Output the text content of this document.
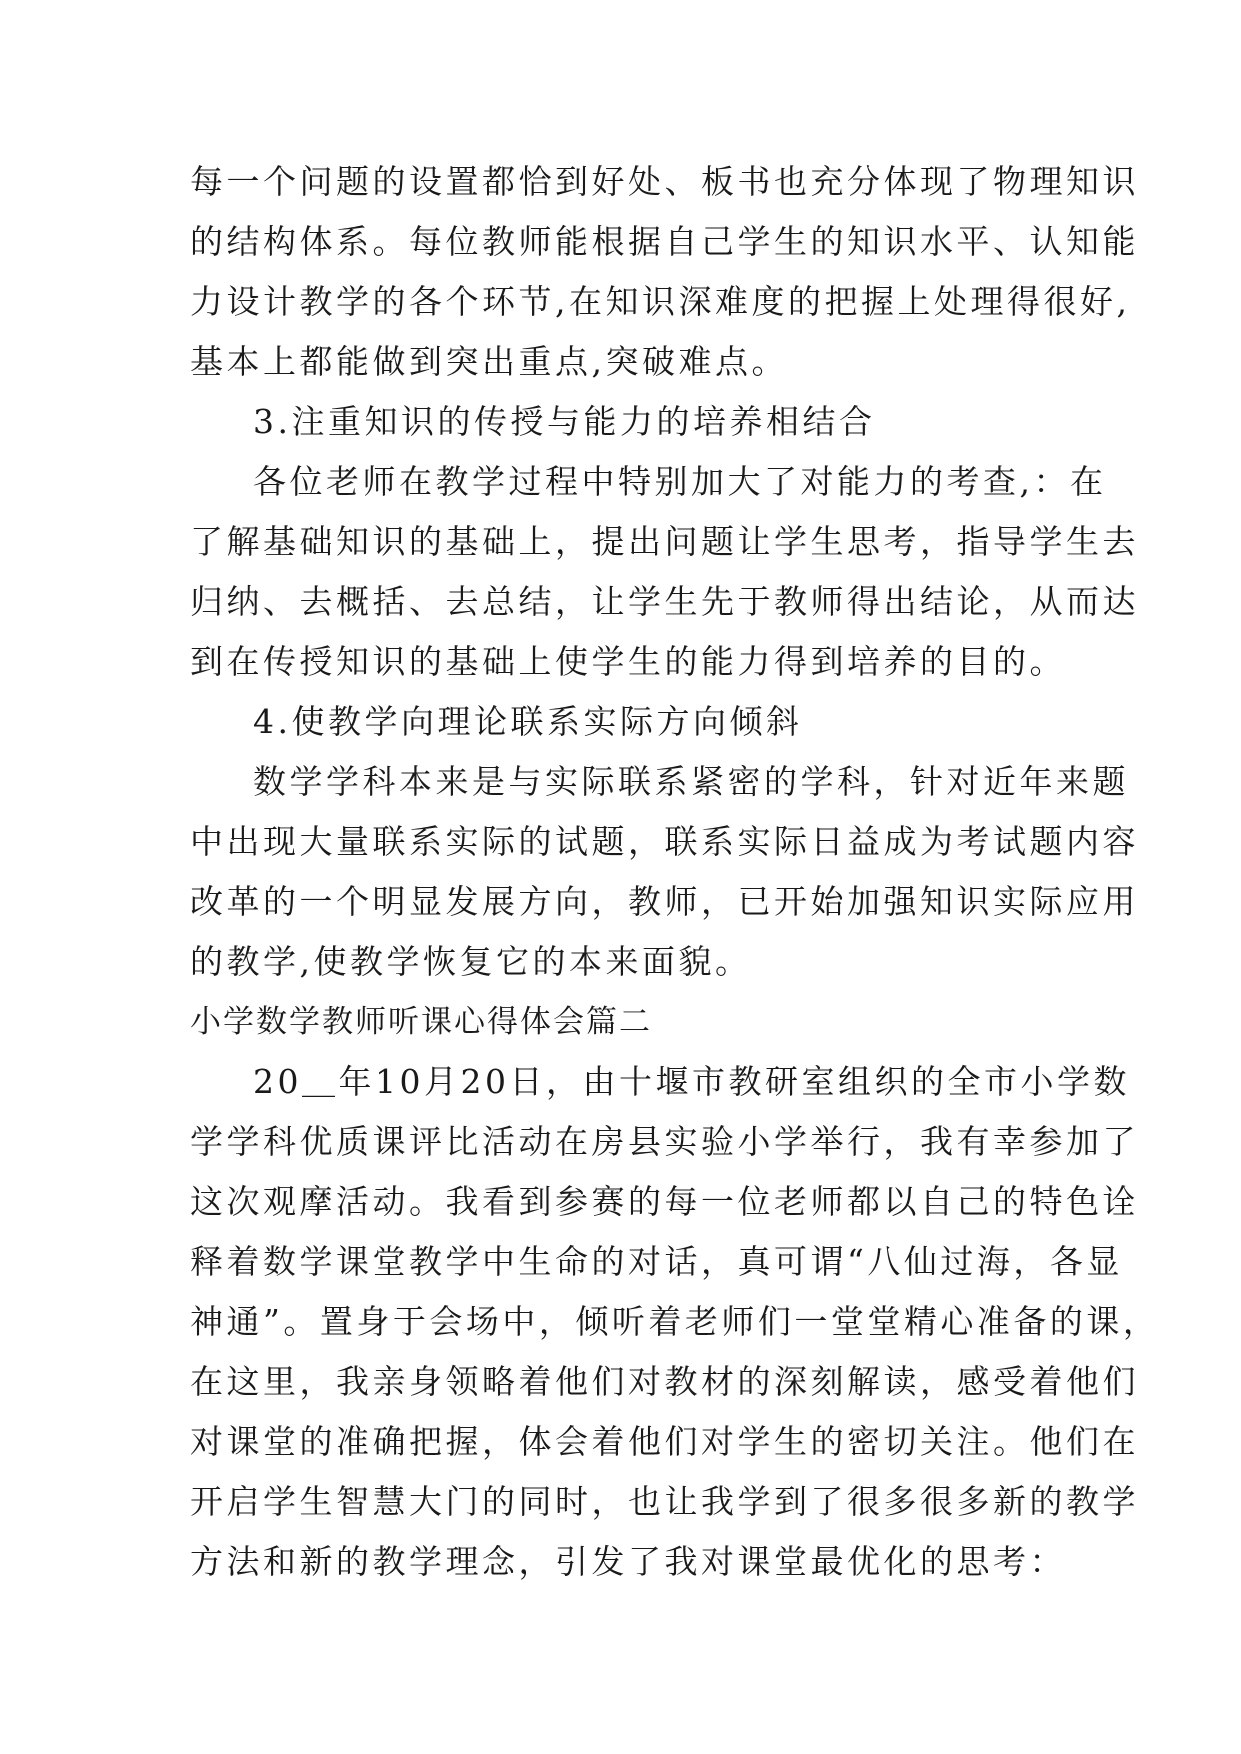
每一个问题的设置都恰到好处、板书也充分体现了物理知识
的结构体系。每位教师能根据自己学生的知识水平、认知能
力设计教学的各个环节,在知识深难度的把握上处理得很好,
基本上都能做到突出重点,突破难点。
3.注重知识的传授与能力的培养相结合
各位老师在教学过程中特别加大了对能力的考查,：在
了解基础知识的基础上，提出问题让学生思考，指导学生去
归纳、去概括、去总结，让学生先于教师得出结论，从而达
到在传授知识的基础上使学生的能力得到培养的目的。
4.使教学向理论联系实际方向倾斜
数学学科本来是与实际联系紧密的学科，针对近年来题
中出现大量联系实际的试题，联系实际日益成为考试题内容
改革的一个明显发展方向，教师，已开始加强知识实际应用
的教学,使教学恢复它的本来面貌。
小学数学教师听课心得体会篇二
20＿年10月20日，由十堰市教研室组织的全市小学数
学学科优质课评比活动在房县实验小学举行，我有幸参加了
这次观摩活动。我看到参赛的每一位老师都以自己的特色诠
释着数学课堂教学中生命的对话，真可谓“八仙过海，各显
神通”。置身于会场中，倾听着老师们一堂堂精心准备的课，
在这里，我亲身领略着他们对教材的深刻解读，感受着他们
对课堂的准确把握，体会着他们对学生的密切关注。他们在
开启学生智慧大门的同时，也让我学到了很多很多新的教学
方法和新的教学理念，引发了我对课堂最优化的思考：
